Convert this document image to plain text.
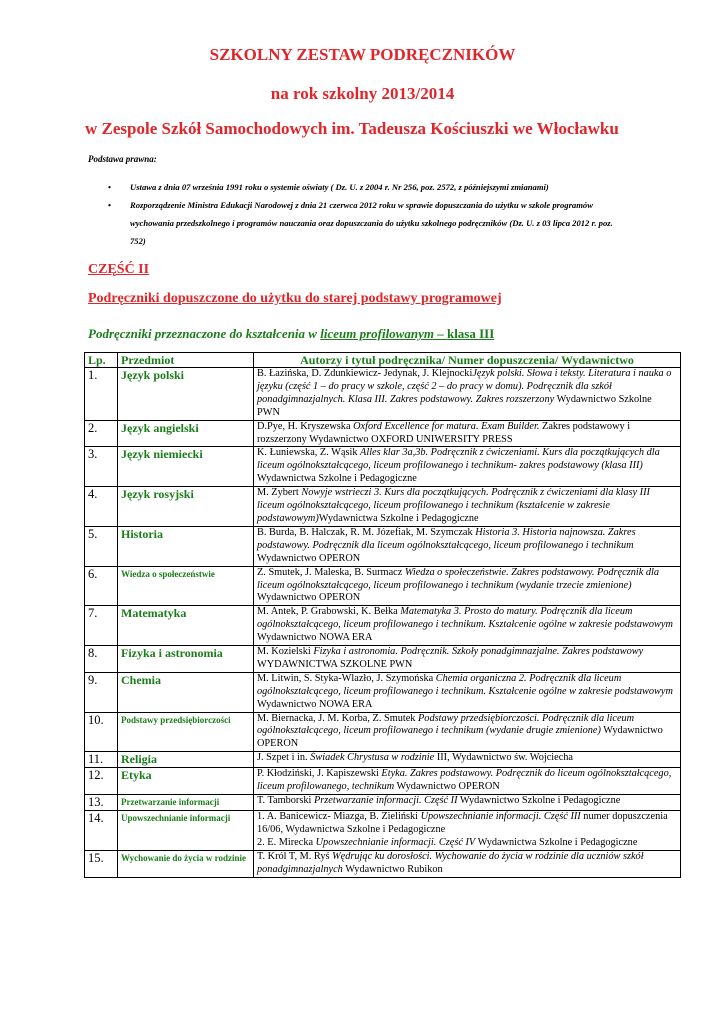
SZKOLNY ZESTAW PODRĘCZNIKÓW
na rok szkolny 2013/2014
w Zespole Szkół Samochodowych im. Tadeusza Kościuszki we Włocławku
Podstawa prawna:
• Ustawa z dnia 07 września 1991 roku o systemie oświaty ( Dz. U. z 2004 r. Nr 256, poz. 2572, z późniejszymi zmianami)
• Rozporządzenie Ministra Edukacji Narodowej z dnia 21 czerwca 2012 roku w sprawie dopuszczania do użytku w szkole programów wychowania przedszkolnego i programów nauczania oraz dopuszczania do użytku szkolnego podręczników (Dz. U. z 03 lipca 2012 r. poz. 752)
CZĘŚĆ II
Podręczniki dopuszczone do użytku do starej podstawy programowej
Podręczniki przeznaczone do kształcenia w liceum profilowanym – klasa III
Lp.	Przedmiot	Autorzy i tytuł podręcznika/ Numer dopuszczenia/ Wydawnictwo
1.	Język polski	B. Łazińska, D. Zdunkiewicz- Jedynak, J. KlejnockiJęzyk polski. Słowa i teksty. Literatura i nauka o języku (część 1 – do pracy w szkole, część 2 – do pracy w domu). Podręcznik dla szkół ponadgimnazjalnych. Klasa III. Zakres podstawowy. Zakres rozszerzony Wydawnictwo Szkolne PWN
2.	Język angielski	D.Pye, H. Kryszewska Oxford Excellence for matura. Exam Builder. Zakres podstawowy i rozszerzony Wydawnictwo OXFORD UNIWERSITY PRESS
3.	Język niemiecki	K. Łuniewska, Z. Wąsik Alles klar 3a,3b. Podręcznik z ćwiczeniami. Kurs dla początkujących dla liceum ogólnokształcącego, liceum profilowanego i technikum- zakres podstawowy (klasa III) Wydawnictwa Szkolne i Pedagogiczne
4.	Język rosyjski	M. Zybert Nowyje wstrieczi 3. Kurs dla początkujących. Podręcznik z ćwiczeniami dla klasy III liceum ogólnokształcącego, liceum profilowanego i technikum (kształcenie w zakresie podstawowym)Wydawnictwa Szkolne i Pedagogiczne
5.	Historia	B. Burda, B. Halczak, R. M. Józefiak, M. Szymczak Historia 3. Historia najnowsza. Zakres podstawowy. Podręcznik dla liceum ogólnokształcącego, liceum profilowanego i technikum Wydawnictwo OPERON
6.	Wiedza o społeczeństwie	Z. Smutek, J. Maleska, B. Surmacz Wiedza o społeczeństwie. Zakres podstawowy. Podręcznik dla liceum ogólnokształcącego, liceum profilowanego i technikum (wydanie trzecie zmienione) Wydawnictwo OPERON
7.	Matematyka	M. Antek, P. Grabowski, K. Bełka Matematyka 3. Prosto do matury. Podręcznik dla liceum ogólnokształcącego, liceum profilowanego i technikum. Kształcenie ogólne w zakresie podstawowym Wydawnictwo NOWA ERA
8.	Fizyka i astronomia	M. Kozielski Fizyka i astronomia. Podręcznik. Szkoły ponadgimnazjalne. Zakres podstawowy WYDAWNICTWA SZKOLNE PWN
9.	Chemia	M. Litwin, S. Styka-Wlazło, J. Szymońska Chemia organiczna 2. Podręcznik dla liceum ogólnokształcącego, liceum profilowanego i technikum. Kształcenie ogólne w zakresie podstawowym Wydawnictwo NOWA ERA
10.	Podstawy przedsiębiorczości	M. Biernacka, J. M. Korba, Z. Smutek Podstawy przedsiębiorczości. Podręcznik dla liceum ogólnokształcącego, liceum profilowanego i technikum (wydanie drugie zmienione) Wydawnictwo OPERON
11.	Religia	J. Szpet i in. Świadek Chrystusa w rodzinie III, Wydawnictwo św. Wojciecha
12.	Etyka	P. Kłodziński, J. Kapiszewski Etyka. Zakres podstawowy. Podręcznik do liceum ogólnokształcącego, liceum profilowanego, technikum Wydawnictwo OPERON
13.	Przetwarzanie informacji	T. Tamborski Przetwarzanie informacji. Część II Wydawnictwo Szkolne i Pedagogiczne
14.	Upowszechnianie informacji	1. A. Banicewicz- Miazga, B. Zieliński Upowszechnianie informacji. Część III numer dopuszczenia 16/06, Wydawnictwa Szkolne i Pedagogiczne
2. E. Mirecka Upowszechnianie informacji. Część IV Wydawnictwa Szkolne i Pedagogiczne
15.	Wychowanie do życia w rodzinie	T. Król T, M. Ryś Wędrując ku dorosłości. Wychowanie do życia w rodzinie dla uczniów szkół ponadgimnazjalnych Wydawnictwo Rubikon
